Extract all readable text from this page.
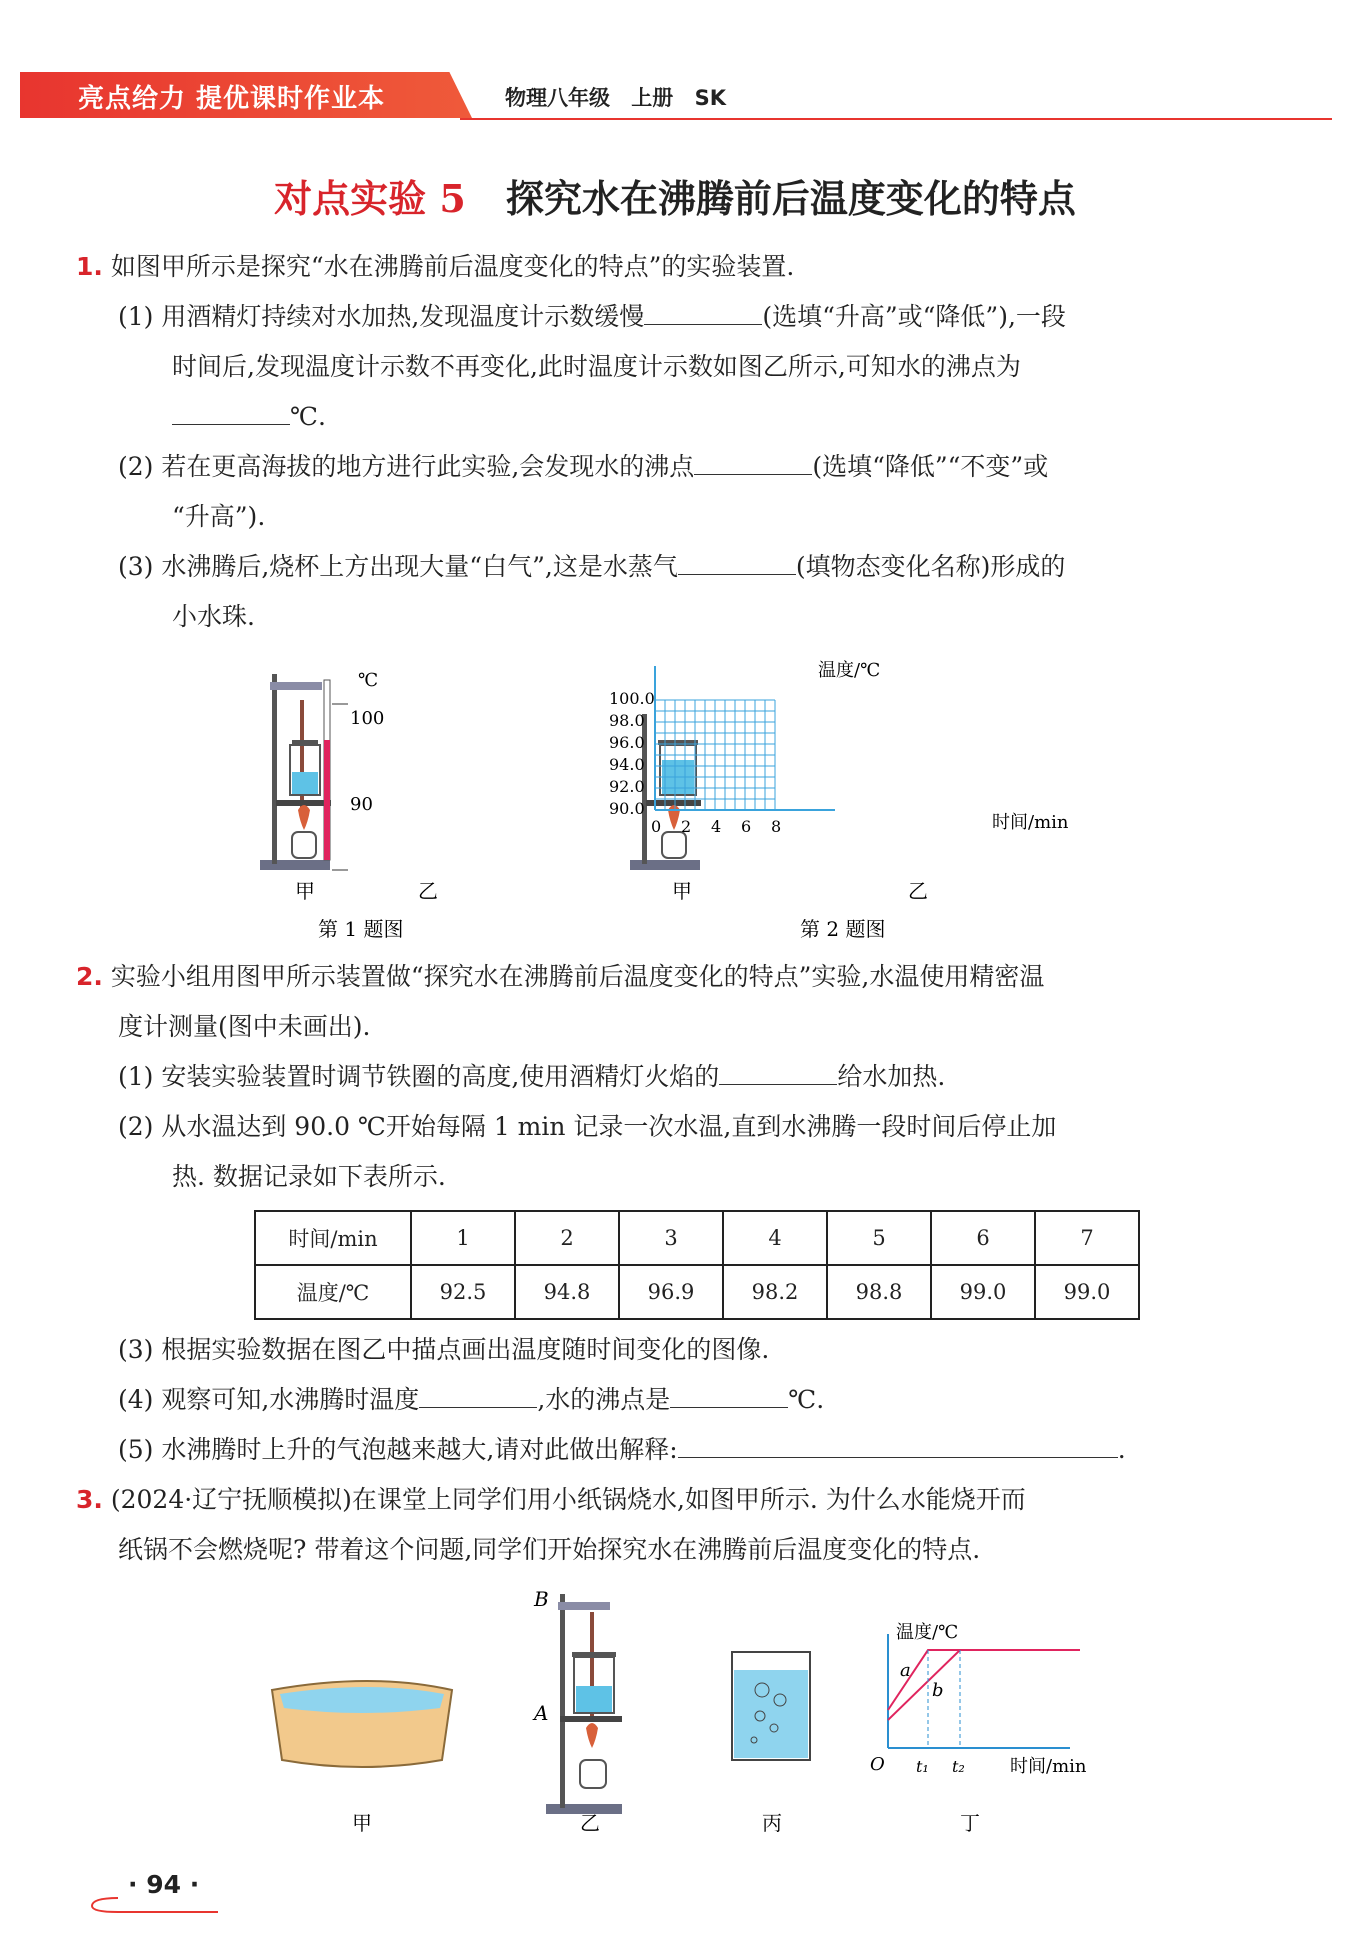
亮点给力 提优课时作业本	物理八年级 上册 SK
对点实验 5 探究水在沸腾前后温度变化的特点
1. 如图甲所示是探究“水在沸腾前后温度变化的特点”的实验装置.
(1) 用酒精灯持续对水加热,发现温度计示数缓慢	(选填“升高”或“降低”),一段
时间后,发现温度计示数不再变化,此时温度计示数如图乙所示,可知水的沸点为
℃.
(2) 若在更高海拔的地方进行此实验,会发现水的沸点	(选填“降低”“不变”或
“升高”).
(3) 水沸腾后,烧杯上方出现大量“白气”,这是水蒸气	(填物态变化名称)形成的
小水珠.
℃
100
90
甲	乙
第 1 题图
甲
温度/℃
时间/min
100.0
98.0
96.0
94.0
92.0
90.0
0 2 4 6 8
乙
第 2 题图
2. 实验小组用图甲所示装置做“探究水在沸腾前后温度变化的特点”实验,水温使用精密温
度计测量(图中未画出).
(1) 安装实验装置时调节铁圈的高度,使用酒精灯火焰的	给水加热.
(2) 从水温达到 90.0 ℃开始每隔 1 min 记录一次水温,直到水沸腾一段时间后停止加
热. 数据记录如下表所示.
时间/min	1	2	3	4	5	6	7
温度/℃	92.5	94.8	96.9	98.2	98.8	99.0	99.0
(3) 根据实验数据在图乙中描点画出温度随时间变化的图像.
(4) 观察可知,水沸腾时温度	,水的沸点是	℃.
(5) 水沸腾时上升的气泡越来越大,请对此做出解释:	.
3. (2024·辽宁抚顺模拟)在课堂上同学们用小纸锅烧水,如图甲所示. 为什么水能烧开而
纸锅不会燃烧呢? 带着这个问题,同学们开始探究水在沸腾前后温度变化的特点.
甲
B
A
乙	丙
温度/℃
时间/min
O
a
b
t₁ t₂
丁
· 94 ·
